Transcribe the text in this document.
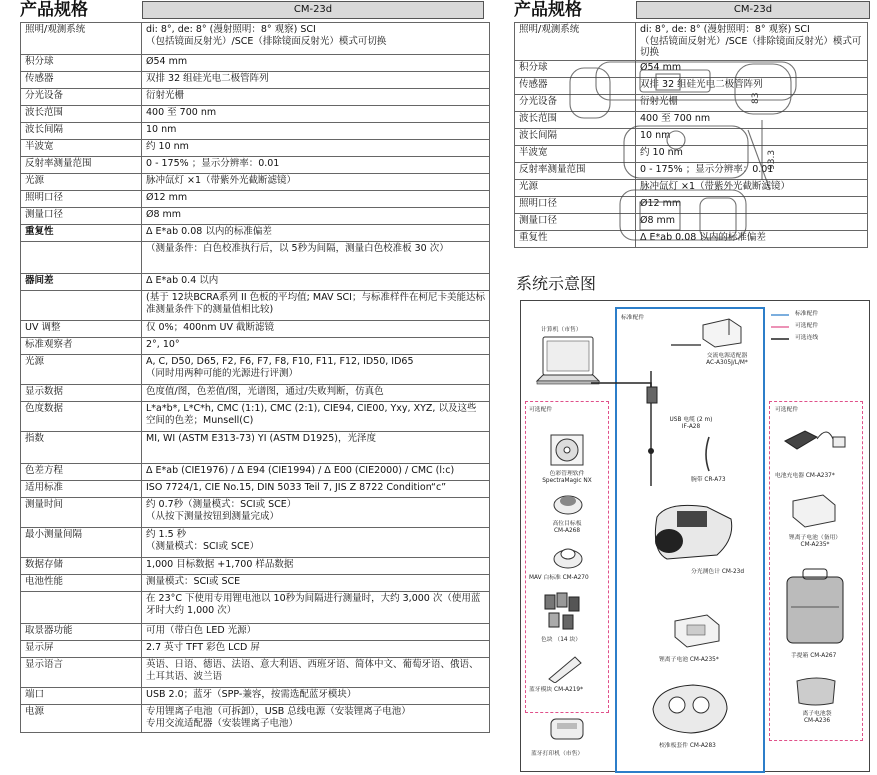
产品规格	CM-23d
照明/观测系统	di: 8°, de: 8° (漫射照明：8° 观察) SCI
（包括镜面反射光）/SCE（排除镜面反射光）模式可切换
积分球	Ø54 mm
传感器	双排 32 组硅光电二极管阵列
分光设备	衍射光栅
波长范围	400 至 700 nm
波长间隔	10 nm
半波宽	约 10 nm
反射率测量范围	0 - 175% ；显示分辨率：0.01
光源	脉冲氙灯 ×1（带紫外光截断滤镜）
照明口径	Ø12 mm
测量口径	Ø8 mm
重复性	Δ E*ab 0.08 以内的标准偏差
	（测量条件：白色校准执行后，以 5秒为间隔，测量白色校准板 30 次）
器间差	Δ E*ab 0.4 以内
	(基于 12块BCRA系列 II 色板的平均值; MAV SCI；与标准样件在柯尼卡美能达标准测量条件下的测量值相比较)
UV 调整	仅 0%；400nm UV 截断滤镜
标准观察者	2°, 10°
光源	A, C, D50, D65, F2, F6, F7, F8, F10, F11, F12, ID50, ID65
（同时用两种可能的光源进行评测）
显示数据	色度值/图，色差值/图，光谱图，通过/失败判断，仿真色
色度数据	L*a*b*, L*C*h, CMC (1:1), CMC (2:1), CIE94, CIE00, Yxy, XYZ, 以及这些空间的色差；Munsell(C)
指数	MI, WI (ASTM E313-73) YI (ASTM D1925)，光泽度
色差方程	Δ E*ab (CIE1976) / Δ E94 (CIE1994) / Δ E00 (CIE2000) / CMC (l:c)
适用标准	ISO 7724/1, CIE No.15, DIN 5033 Teil 7, JIS Z 8722 Condition“c”
测量时间	约 0.7秒（测量模式：SCI或 SCE）
（从按下测量按钮到测量完成）
最小测量间隔	约 1.5 秒
（测量模式：SCI或 SCE）
数据存储	1,000 目标数据 +1,700 样品数据
电池性能	测量模式：SCI或 SCE
	在 23°C 下使用专用锂电池以 10秒为间隔进行测量时，大约 3,000 次（使用蓝牙时大约 1,000 次）
取景器功能	可用（带白色 LED 光源）
显示屏	2.7 英寸 TFT 彩色 LCD 屏
显示语言	英语、日语、德语、法语、意大利语、西班牙语、简体中文、葡萄牙语、俄语、土耳其语、波兰语
端口	USB 2.0；蓝牙（SPP-兼容，按需选配蓝牙模块）
电源	专用锂离子电池（可拆卸），USB 总线电源（安装锂离子电池）
专用交流适配器（安装锂离子电池）
产品规格	CM-23d
照明/观测系统	di: 8°, de: 8° (漫射照明：8° 观察) SCI
（包括镜面反射光）/SCE（排除镜面反射光）模式可切换
积分球	Ø54 mm
传感器	双排 32 组硅光电二极管阵列
分光设备	衍射光栅
波长范围	400 至 700 nm
波长间隔	10 nm
半波宽	约 10 nm
反射率测量范围	0 - 175% ；显示分辨率：0.01
光源	脉冲氙灯 ×1（带紫外光截断滤镜）
照明口径	Ø12 mm
测量口径	Ø8 mm
重复性	Δ E*ab 0.08 以内的标准偏差
83
93.3
系统示意图
标准配件
可选配件
可选连线
计算机（市售）
标准配件
可选配件	可选配件
交流电源适配器
AC-A305J/L/M*
USB 电缆 (2 m)
IF-A28
腕带 CR-A73
分光测色计 CM-23d
锂离子电池 CM-A235*
校准板套件 CM-A283
色彩管理软件
SpectraMagic NX
高位目标板
CM-A268
MAV 白标准 CM-A270
色块 （14 块）
蓝牙模块 CM-A219*
蓝牙打印机（市售）
电池充电器 CM-A237*
锂离子电池（备用）
CM-A235*
手提箱 CM-A267
离子电池袋
CM-A236
